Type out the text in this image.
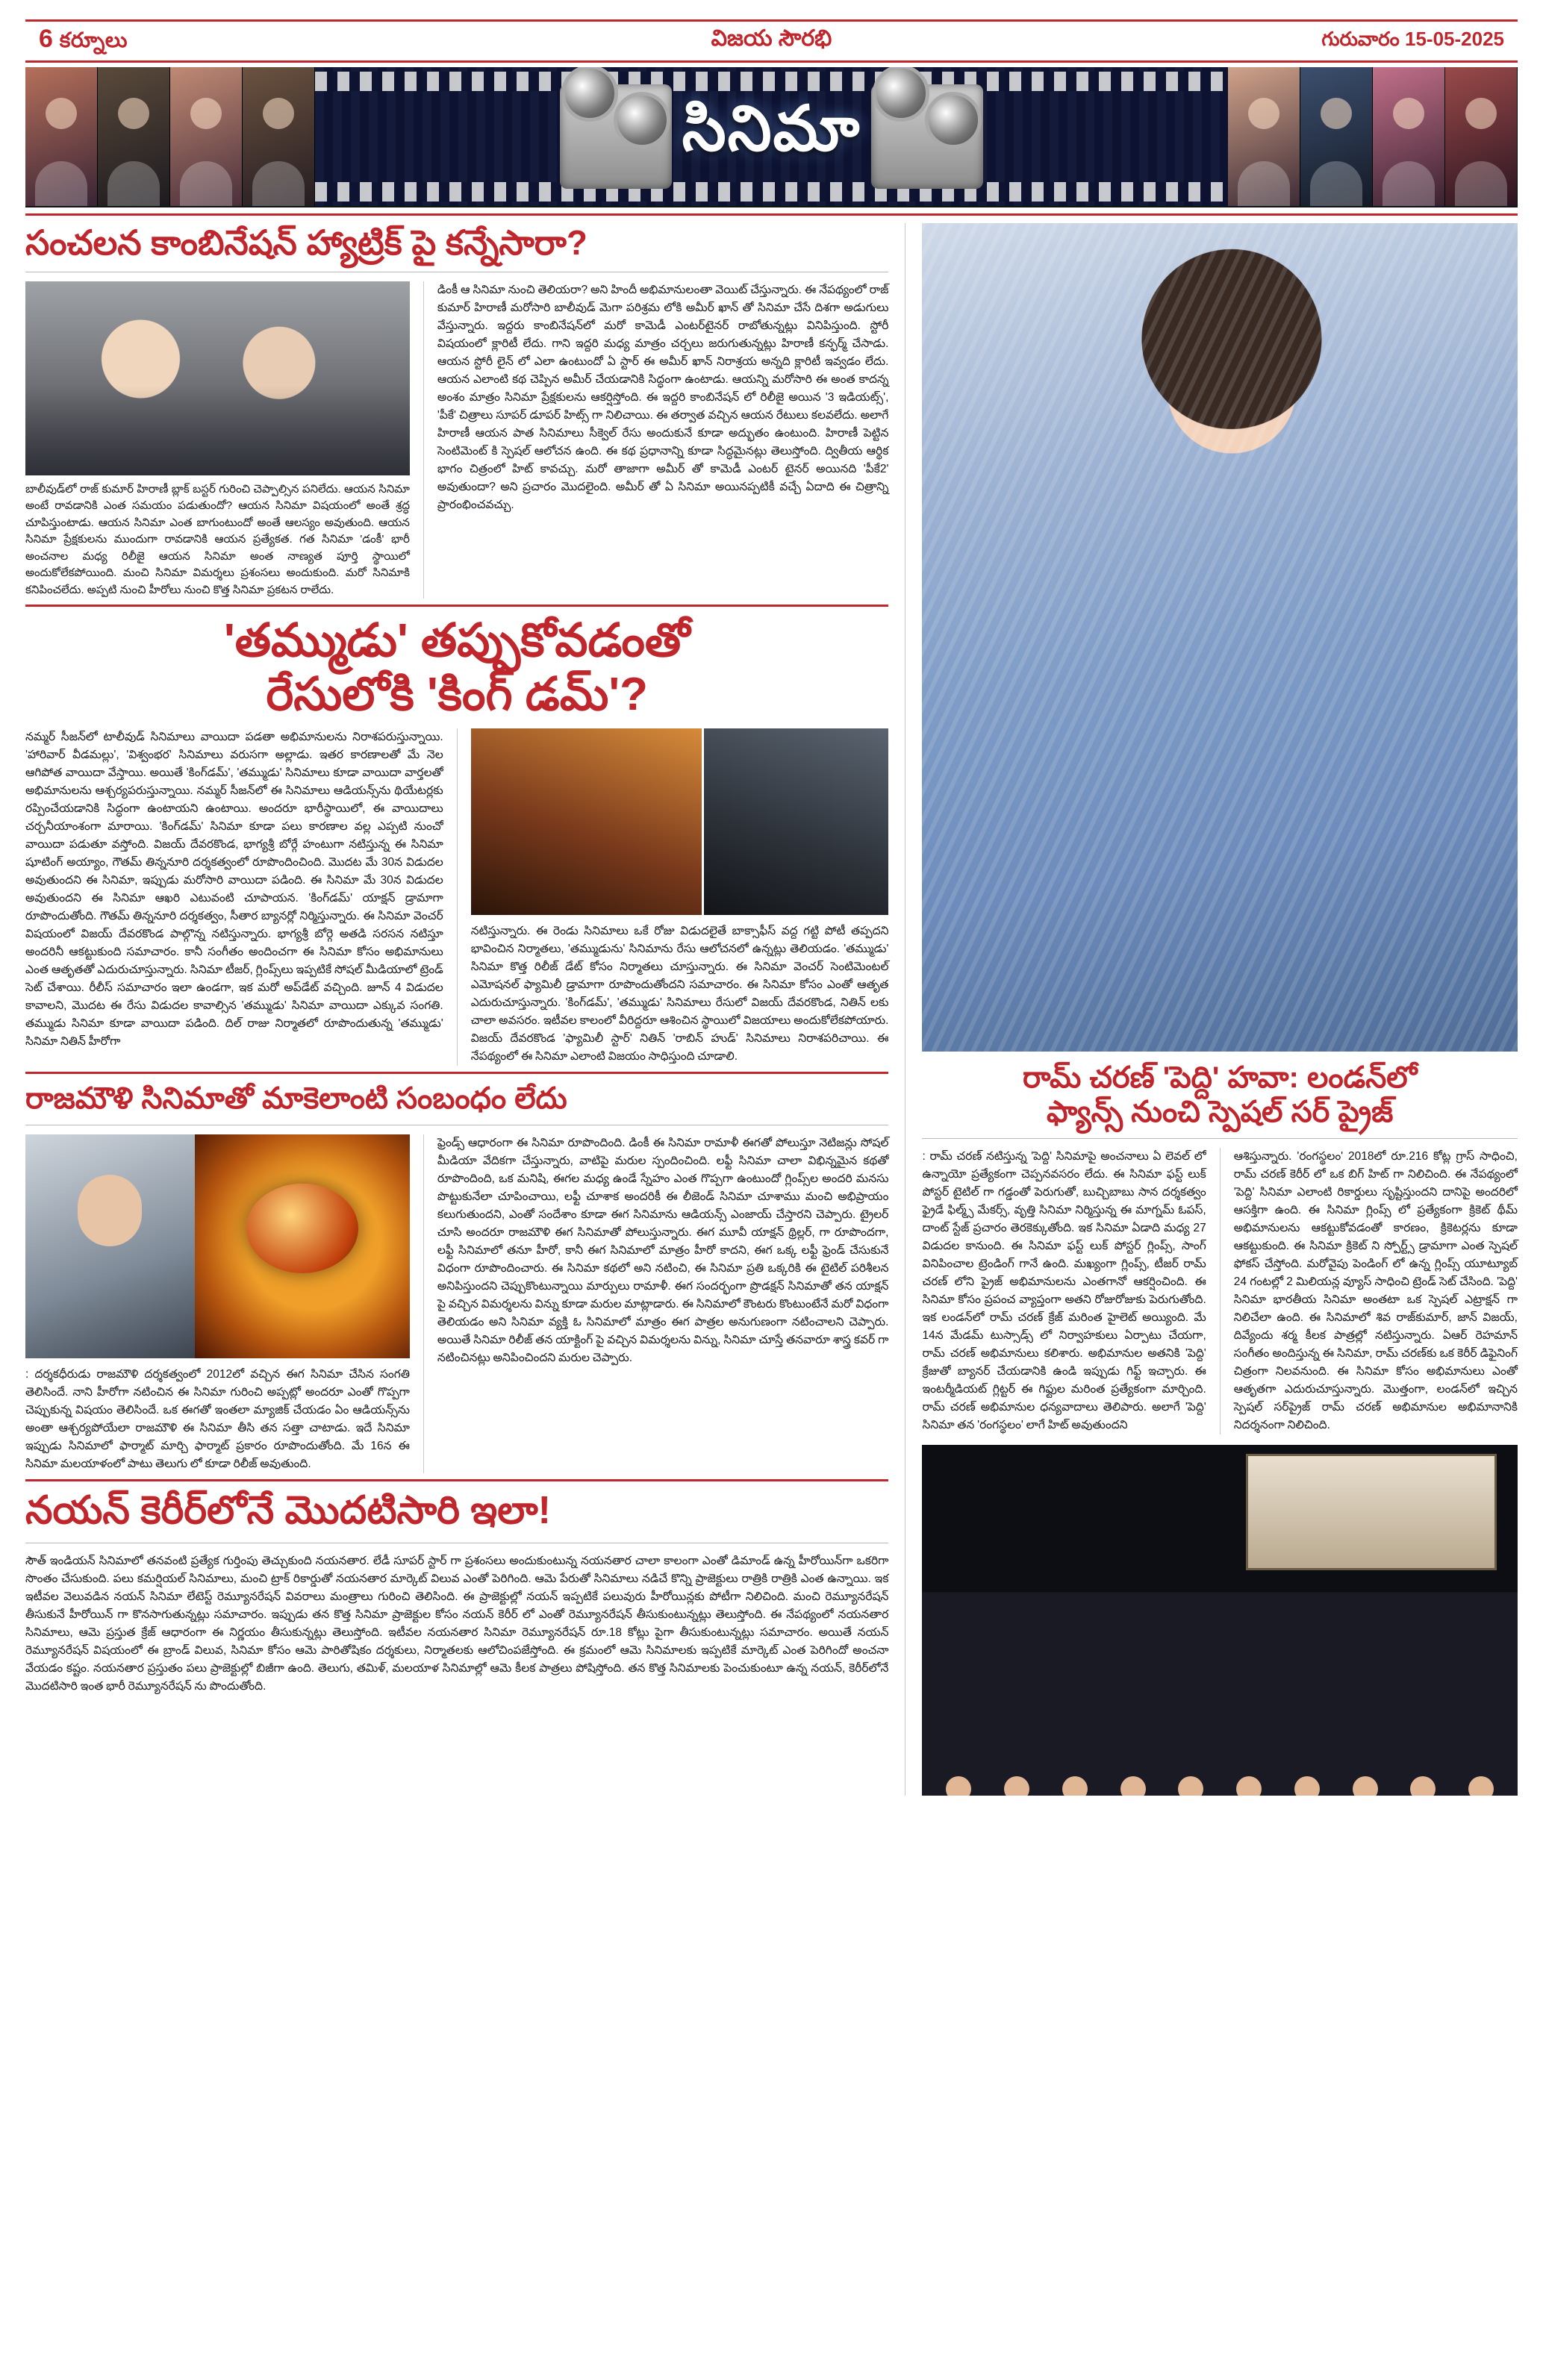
6 కర్నూలు	విజయ సౌరభి	గురువారం 15-05-2025
సినిమా
సంచలన కాంబినేషన్ హ్యాట్రిక్ పై కన్నేసారా?
బాలీవుడ్‌లో రాజ్‌ కుమార్‌ హిరాణీ బ్లాక్‌ బస్టర్‌ గురించి చెప్పాల్సిన పనిలేదు. ఆయన సినిమా అంటే రావడానికి ఎంత సమయం పడుతుందో? ఆయన సినిమా విషయంలో అంతే శ్రద్ధ చూపిస్తుంటాడు. ఆయన సినిమా ఎంత బాగుంటుందో అంతే ఆలస్యం అవుతుంది. ఆయన సినిమా ప్రేక్షకులను ముందుగా రావడానికి ఆయన ప్రత్యేకత. గత సినిమా 'డంకీ' భారీ అంచనాల మధ్య రిలీజై ఆయన సినిమా అంత నాణ్యత పూర్తి స్థాయిలో అందుకోలేకపోయింది. మంచి సినిమా విమర్శలు ప్రశంసలు అందుకుంది. మరో సినిమాకి కనిపించలేదు. అప్పటి నుంచి హీరోలు నుంచి కొత్త సినిమా ప్రకటన రాలేదు.
డింకీ ఆ సినిమా నుంచి తెలియరా? అని హిందీ అభిమానులంతా వెయిట్‌ చేస్తున్నారు. ఈ నేపథ్యంలో రాజ్‌ కుమార్‌ హిరాణీ మరోసారి బాలీవుడ్‌ మెగా పరిశ్రమ లోకి అమీర్‌ ఖాన్‌ తో సినిమా చేసే దిశగా అడుగులు వేస్తున్నారు. ఇద్దరు కాంబినేషన్‌లో మరో కామెడీ ఎంటర్‌టైనర్‌ రాబోతున్నట్లు వినిపిస్తుంది. స్టోరీ విషయంలో క్లారిటీ లేదు. గాని ఇద్దరి మధ్య మాత్రం చర్చలు జరుగుతున్నట్లు హిరాణీ కన్ఫర్మ్ చేసాడు. ఆయన స్టోరీ లైన్‌ లో ఎలా ఉంటుందో ఏ స్టార్‌ ఈ అమీర్‌ ఖాన్‌ నిరాశ్రయ అన్నది క్లారిటీ ఇవ్వడం లేదు. ఆయన ఎలాంటి కథ చెప్పిన అమీర్‌ చేయడానికి సిద్ధంగా ఉంటాడు. ఆయన్ని మరోసారి ఈ అంత కాదన్న అంశం మాత్రం సినిమా ప్రేక్షకులను ఆకర్షిస్తోంది. ఈ ఇద్దరి కాంబినేషన్‌ లో రిలీజై అయిన '3 ఇడియట్స్', 'పీకే' చిత్రాలు సూపర్‌ డూపర్‌ హిట్స్‌ గా నిలిచాయి. ఈ తర్వాత వచ్చిన ఆయన రేటులు కలవలేదు. అలాగే హిరాణీ ఆయన పాత సినిమాలు సీక్వెల్‌ రేసు అందుకునే కూడా అద్భుతం ఉంటుంది. హిరాణీ పెట్టిన సెంటిమెంట్‌ కి స్పెషల్‌ ఆలోచన ఉంది. ఈ కథ ప్రధానాన్ని కూడా సిద్ధమైనట్లు తెలుస్తోంది. ద్వితీయ ఆర్థిక భాగం చిత్రంలో హిట్‌ కావచ్చు. మరో తాజాగా అమీర్‌ తో కామెడీ ఎంటర్‌ టైనర్‌ అయినది 'పీకే2' అవుతుందా? అని ప్రచారం మొదలైంది. అమీర్‌ తో ఏ సినిమా అయినప్పటికీ వచ్చే ఏదాది ఈ చిత్రాన్ని ప్రారంభించవచ్చు.
'తమ్ముడు' తప్పుకోవడంతో
రేసులోకి 'కింగ్ డమ్'?
నమ్మర్‌ సీజన్‌లో టాలీవుడ్‌ సినిమాలు వాయిదా పడతా అభిమానులను నిరాశపరుస్తున్నాయి. 'హారివార్‌ వీడమల్లు', 'విశ్వంభర' సినిమాలు వరుసగా అల్లాడు. ఇతర కారణాలతో మే నెల ఆగిపోత వాయిదా వేస్తాయి. అయితే 'కింగ్‌డమ్', 'తమ్ముడు' సినిమాలు కూడా వాయిదా వార్తలతో అభిమానులను ఆశ్చర్యపరుస్తున్నాయి. నమ్మర్‌ సీజన్‌లో ఈ సినిమాలు ఆడియన్స్‌ను థియేటర్లకు రప్పించేయడానికి సిద్ధంగా ఉంటాయని ఉంటాయి. అందరూ భారీస్థాయిలో, ఈ వాయిదాలు చర్చనీయాంశంగా మారాయి. 'కింగ్‌డమ్‌' సినిమా కూడా పలు కారణాల వల్ల ఎప్పటి నుంచో వాయిదా పడుతూ వస్తోంది. విజయ్‌ దేవరకొండ, భాగ్యశ్రీ బోర్గే హంటుగా నటిస్తున్న ఈ సినిమా షూటింగ్‌ అయ్యాం, గౌతమ్‌ తిన్ననూరి దర్శకత్వంలో రూపొందించింది. మొదట మే 30న విడుదల అవుతుందని ఈ సినిమా, ఇప్పుడు మరోసారి వాయిదా పడింది. ఈ సినిమా మే 30న విడుదల అవుతుందని ఈ సినిమా ఆఖరి ఎటువంటి చూపాయన. 'కింగ్‌డమ్‌' యాక్షన్‌ డ్రామాగా రూపొందుతోంది. గౌతమ్‌ తిన్ననూరి దర్శకత్వం, సీతార బ్యానర్లో నిర్మిస్తున్నారు. ఈ సినిమా వెంచర్‌ విషయంలో విజయ్‌ దేవరకొండ పాల్గొన్న నటిస్తున్నారు. భాగ్యశ్రీ బోర్గె అతడి సరసన నటిస్తూ అందరినీ ఆకట్టుకుంది సమాచారం. కానీ సంగీతం అందించగా ఈ సినిమా కోసం అభిమానులు ఎంత ఆతృతతో ఎదురుచూస్తున్నారు. సినిమా టీజర్‌, గ్లింప్స్‌లు ఇప్పటికే సోషల్‌ మీడియాలో ట్రెండ్‌ సెట్‌ చేశాయి. రీలీస్ సమాచారం ఇలా ఉండగా, ఇక మరో అప్‌డేట్‌ వచ్చింది. జూన్‌ 4 విడుదల కావాలని, మొదట ఈ రేసు విడుదల కావాల్సిన 'తమ్ముడు' సినిమా వాయిదా ఎక్కువ సంగతి. తమ్ముడు సినిమా కూడా వాయిదా పడింది. దిల్‌ రాజు నిర్మాతలో రూపొందుతున్న 'తమ్ముడు' సినిమా నితిన్‌ హీరోగా
నటిస్తున్నారు. ఈ రెండు సినిమాలు ఒకే రోజు విడుదలైతే బాక్సాఫీస్‌ వద్ద గట్టి పోటీ తప్పదని భావించిన నిర్మాతలు, 'తమ్ముడును' సినిమాను రేసు ఆలోచనలో ఉన్నట్లు తెలియడం. 'తమ్ముడు' సినిమా కొత్త రిలీజ్‌ డేట్‌ కోసం నిర్మాతలు చూస్తున్నారు. ఈ సినిమా వెంచర్‌ సెంటిమెంటల్‌ ఎమోషనల్‌ ఫ్యామిలీ డ్రామాగా రూపొందుతోందని సమాచారం. ఈ సినిమా కోసం ఎంతో ఆతృత ఎదురుచూస్తున్నారు. 'కింగ్‌డమ్‌', 'తమ్ముడు' సినిమాలు రేసులో విజయ్‌ దేవరకొండ, నితిన్‌ లకు చాలా అవసరం. ఇటీవల కాలంలో వీరిద్దరూ ఆశించిన స్థాయిలో విజయాలు అందుకోలేకపోయారు. విజయ్‌ దేవరకొండ 'ఫ్యామిలీ స్టార్‌' నితిన్‌ 'రాబిన్‌ హుడ్‌' సినిమాలు నిరాశపరిచాయి. ఈ నేపథ్యంలో ఈ సినిమా ఎలాంటి విజయం సాధిస్తుంది చూడాలి.
రాజమౌళి సినిమాతో మాకెలాంటి సంబంధం లేదు
: దర్శకధీరుడు రాజమౌళి దర్శకత్వంలో 2012లో వచ్చిన ఈగ సినిమా చేసిన సంగతి తెలిసిందే. నాని హీరోగా నటించిన ఈ సినిమా గురించి అప్పట్లో అందరూ ఎంతో గొప్పగా చెప్పుకున్న విషయం తెలిసిందే. ఒక ఈగతో ఇంతలా మ్యాజిక్‌ చేయడం ఏం ఆడియన్స్‌ను అంతా ఆశ్చర్యపోయేలా రాజమౌళి ఈ సినిమా తీసి తన సత్తా చాటాడు. ఇదే సినిమా ఇప్పుడు సినిమాలో ఫార్మాట్‌ మార్చి ఫార్మాట్‌ ప్రకారం రూపొందుతోంది. మే 16న ఈ సినిమా మలయాళంలో పాటు తెలుగు లో కూడా రిలీజ్ అవుతుంది.
ఫ్రెండ్స్‌ ఆధారంగా ఈ సినిమా రూపొందింది. డింకీ ఈ సినిమా రామాళీ ఈగతో పోలుస్తూ నెటిజన్లు సోషల్‌ మీడియా వేదికగా చేస్తున్నారు, వాటిపై మరుల స్పందించింది. లఫ్టీ సినిమా చాలా విభిన్నమైన కథతో రూపొందింది, ఒక మనిషి, ఈగల మధ్య ఉండే స్నేహం ఎంత గొప్పగా ఉంటుందో గ్లింప్స్‌ల అందరి మనసు పొట్టుకునేలా చూపించాయి, లఫ్టీ చూశాక అందరికీ ఈ లీజెండ్‌ సినిమా చూశాము మంచి అభిప్రాయం కలుగుతుందని, ఎంతో సందేశాం కూడా ఈగ సినిమాను ఆడియన్స్‌ ఎంజాయ్‌ చేస్తారని చెప్పారు. ట్రైలర్‌ చూసి అందరూ రాజమౌళి ఈగ సినిమాతో పోలుస్తున్నారు. ఈగ మూవీ యాక్షన్‌ థ్రిల్లర్‌, గా రూపొందగా, లఫ్టీ సినిమాలో తనూ హీరో, కానీ ఈగ సినిమాలో మాత్రం హీరో కాదని, ఈగ ఒక్క లఫ్టీ ఫ్రెండ్‌ చేసుకునే విధంగా రూపొందించారు. ఈ సినిమా కథలో అని నటించి, ఈ సినిమా ప్రతి ఒక్కరికి ఈ టైటిల్‌ పరిశీలన అనిపిస్తుందని చెప్పుకొంటున్నాయి మార్పులు రామాళీ. ఈగ సందర్భంగా ప్రొడక్షన్‌ సినిమాతో తన యాక్షన్‌ పై వచ్చిన విమర్శలను విన్ను కూడా మరుల మాట్లాడారు. ఈ సినిమాలో కౌంటరు కొంటుంటేనే మరో విధంగా తెలియడం అని సినిమా వ్యక్తి ఓ సినిమాలో మాత్రం ఈగ పాత్రల అనుగుణంగా నటించాలని చెప్పారు. అయితే సినిమా రిలీజ్ తన యాక్టింగ్‌ పై వచ్చిన విమర్శలను విన్ను, సినిమా చూస్తే తనవారూ శాస్త్ర కవర్‌ గా నటించినట్లు అనిపించిందని మరుల చెప్పారు.
నయన్ కెరీర్‌లోనే మొదటిసారి ఇలా!
సౌత్‌ ఇండియన్‌ సినిమాలో తనవంటి ప్రత్యేక గుర్తింపు తెచ్చుకుంది నయనతార. లేడీ సూపర్‌ స్టార్‌ గా ప్రశంసలు అందుకుంటున్న నయనతార చాలా కాలంగా ఎంతో డిమాండ్‌ ఉన్న హీరోయిన్‌గా ఒకరిగా సొంతం చేసుకుంది. పలు కమర్షియల్‌ సినిమాలు, మంచి ట్రాక్‌ రికార్డుతో నయనతార మార్కెట్‌ విలువ ఎంతో పెరిగింది. ఆమె పేరుతో సినిమాలు నడిచే కొన్ని ప్రాజెక్టులు రాత్రికి రాత్రికి ఎంత ఉన్నాయి. ఇక ఇటీవల వెలువడిన నయన్‌ సినిమా లేటెస్ట్‌ రెమ్యూనరేషన్‌ వివరాలు మంత్రాలు గురించి తెలిసింది. ఈ ప్రాజెక్టుల్లో నయన్‌ ఇప్పటికే పలువురు హీరోయిన్లకు పోటీగా నిలిచింది. మంచి రెమ్యూనరేషన్‌ తీసుకునే హీరోయిన్‌ గా కొనసాగుతున్నట్లు సమాచారం. ఇప్పుడు తన కొత్త సినిమా ప్రాజెక్టుల కోసం నయన్‌ కెరీర్‌ లో ఎంతో రెమ్యూనరేషన్‌ తీసుకుంటున్నట్లు తెలుస్తోంది. ఈ నేపథ్యంలో నయనతార సినిమాలు, ఆమె ప్రస్తుత క్రేజ్‌ ఆధారంగా ఈ నిర్ణయం తీసుకున్నట్లు తెలుస్తోంది. ఇటీవల నయనతార సినిమా రెమ్యూనరేషన్‌ రూ.18 కోట్లు పైగా తీసుకుంటున్నట్లు సమాచారం. అయితే నయన్‌ రెమ్యూనరేషన్‌ విషయంలో ఈ బ్రాండ్‌ విలువ, సినిమా కోసం ఆమె పారితోషికం దర్శకులు, నిర్మాతలకు ఆలోచింపజేస్తోంది. ఈ క్రమంలో ఆమె సినిమాలకు ఇప్పటికే మార్కెట్‌ ఎంత పెరిగిందో అంచనా వేయడం కష్టం. నయనతార ప్రస్తుతం పలు ప్రాజెక్టుల్లో బిజీగా ఉంది. తెలుగు, తమిళ్‌, మలయాళ సినిమాల్లో ఆమె కీలక పాత్రలు పోషిస్తోంది. తన కొత్త సినిమాలకు పెంచుకుంటూ ఉన్న నయన్‌, కెరీర్‌లోనే మొదటిసారి ఇంత భారీ రెమ్యూనరేషన్‌ ను పొందుతోంది.
రామ్ చరణ్ 'పెద్ది' హవా: లండన్‌లో
ఫ్యాన్స్ నుంచి స్పెషల్ సర్ ప్రైజ్
: రామ్‌ చరణ్‌ నటిస్తున్న 'పెద్ది' సినిమాపై అంచనాలు ఏ లెవల్‌ లో ఉన్నాయో ప్రత్యేకంగా చెప్పనవసరం లేదు. ఈ సినిమా ఫస్ట్‌ లుక్‌ పోస్టర్‌ టైటిల్‌ గా గడ్డంతో పెరుగుతో, బుచ్చిబాబు సాన దర్శకత్వం ఫ్రైడే ఫిల్మ్స్‌ మేకర్స్‌, వృత్తి సినిమా నిర్మిస్తున్న ఈ మాగ్నమ్‌ ఓపస్‌, దాంట్‌ స్టేజ్‌ ప్రచారం తెరకెక్కుతోంది. ఇక సినిమా ఏడాది మధ్య 27 విడుదల కానుంది. ఈ సినిమా ఫస్ట్‌ లుక్‌ పోస్టర్‌ గ్లింప్స్‌, సాంగ్‌ వినిపించాల ట్రెండింగ్‌ గానే ఉంది. మఖ్యంగా గ్లింప్స్‌, టీజర్‌ రామ్‌ చరణ్‌ లోని ప్రైజ్‌ అభిమానులను ఎంతగానో ఆకర్షించింది. ఈ సినిమా కోసం ప్రపంచ వ్యాప్తంగా అతని రోజురోజుకు పెరుగుతోంది. ఇక లండన్‌లో రామ్‌ చరణ్‌ క్రేజ్‌ మరింత హైలెట్‌ అయ్యింది. మే 14న మేడమ్‌ టుస్సాడ్స్‌ లో నిర్వాహకులు ఏర్పాటు చేయగా, రామ్‌ చరణ్‌ అభిమానులు కలిశారు. అభిమానుల అతనికి 'పెద్ది' క్రేజుతో బ్యానర్‌ చేయడానికి ఉండి ఇప్పుడు గిఫ్ట్‌ ఇచ్చారు. ఈ ఇంటర్మీడియట్‌ గ్లిట్టర్‌ ఈ గిఫ్టుల మరింత ప్రత్యేకంగా మార్చింది. రామ్‌ చరణ్‌ అభిమానుల ధన్యవాదాలు తెలిపారు. అలాగే 'పెద్ది' సినిమా తన 'రంగస్థలం' లాగే హిట్‌ అవుతుందని
ఆశిస్తున్నారు. 'రంగస్థలం' 2018లో రూ.216 కోట్ల గ్రాస్‌ సాధించి, రామ్‌ చరణ్‌ కెరీర్‌ లో ఒక బిగ్‌ హిట్‌ గా నిలిచింది. ఈ నేపథ్యంలో 'పెద్ది' సినిమా ఎలాంటి రికార్డులు సృష్టిస్తుందని దానిపై అందరిలో ఆసక్తిగా ఉంది. ఈ సినిమా గ్లింప్స్‌ లో ప్రత్యేకంగా క్రికెట్‌ థీమ్‌ అభిమానులను ఆకట్టుకోవడంతో కారణం, క్రికెటర్లను కూడా ఆకట్టుకుంది. ఈ సినిమా క్రికెట్‌ ని స్పోర్ట్స్‌ డ్రామాగా ఎంత స్పెషల్‌ ఫోకస్‌ చేస్తోంది. మరోవైపు పెండింగ్‌ లో ఉన్న గ్లింప్స్‌ యూట్యూబ్‌ 24 గంటల్లో 2 మిలియన్ల వ్యూస్‌ సాధించి ట్రెండ్‌ సెట్‌ చేసింది. 'పెద్ది' సినిమా భారతీయ సినిమా అంతటా ఒక స్పెషల్‌ ఎట్రాక్షన్‌ గా నిలిచేలా ఉంది. ఈ సినిమాలో శివ రాజ్‌కుమార్‌, జాన్‌ విజయ్‌, దివ్యేందు శర్మ కీలక పాత్రల్లో నటిస్తున్నారు. ఏఆర్‌ రెహమాన్‌ సంగీతం అందిస్తున్న ఈ సినిమా, రామ్‌ చరణ్‌కు ఒక కెరీర్‌ డిఫైనింగ్‌ చిత్రంగా నిలవనుంది. ఈ సినిమా కోసం అభిమానులు ఎంతో ఆతృతగా ఎదురుచూస్తున్నారు. మొత్తంగా, లండన్‌లో ఇచ్చిన స్పెషల్‌ సర్‌ప్రైజ్‌ రామ్‌ చరణ్‌ అభిమానుల అభిమానానికి నిదర్శనంగా నిలిచింది.
